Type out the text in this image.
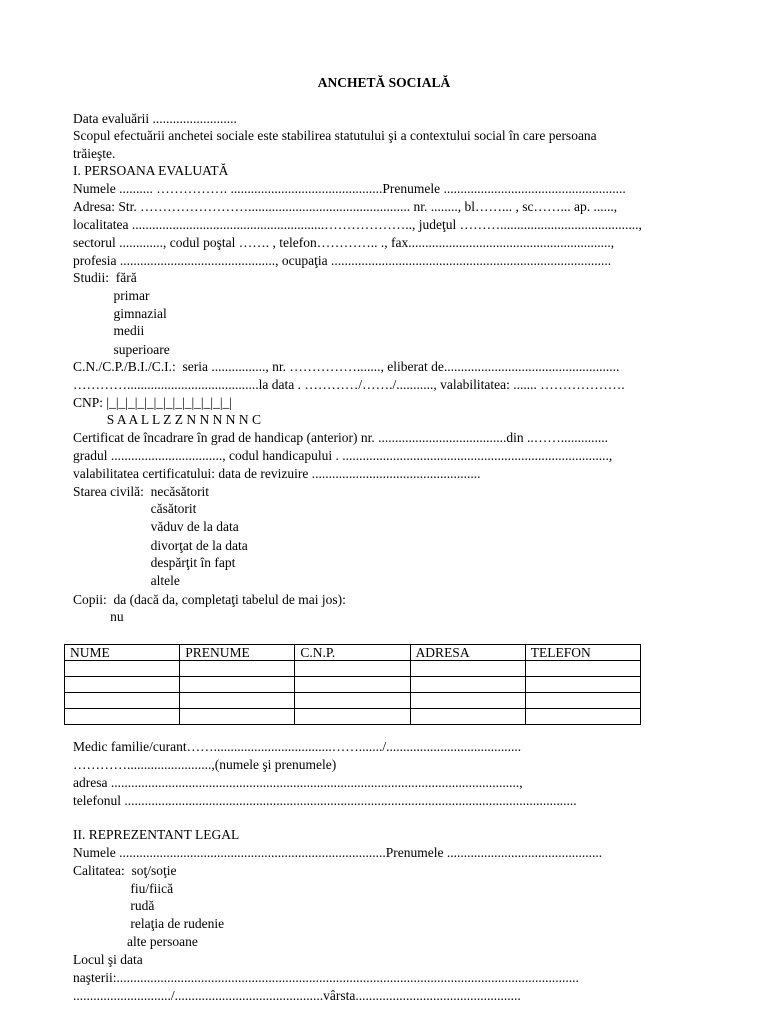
ANCHETĂ SOCIALĂ
Data evaluării .........................
Scopul efectuării anchetei sociale este stabilirea statutului şi a contextului social în care persoana
trăieşte.
I. PERSOANA EVALUATĂ
Numele .......... ……………. .............................................Prenumele ......................................................
Adresa: Str. ……………………................................................ nr. ........, bl……... , sc……... ap. ......,
localitatea .........................................................……………….., judeţul ……….........................................,
sectorul ............., codul poştal ……. , telefon………….. ., fax............................................................,
profesia .............................................., ocupaţia ...................................................................................
Studii:  fără
primar
gimnazial
medii
superioare
C.N./C.P./B.I./C.I.:  seria ................, nr. ……………......., eliberat de....................................................
………….......................................la data . …………/……./..........., valabilitatea: ....... ……………….
CNP: |_|_|_|_|_|_|_|_|_|_|_|_|_|
S A A L L Z Z N N N N N C
Certificat de încadrare în grad de handicap (anterior) nr. ......................................din ..……..............
gradul ................................., codul handicapului . ...............................................................................,
valabilitatea certificatului: data de revizuire ..................................................
Starea civilă:  necăsătorit
căsătorit
văduv de la data
divorţat de la data
despărţit în fapt
altele
Copii:  da (dacă da, completaţi tabelul de mai jos):
nu
NUME	PRENUME	C.N.P.	ADRESA	TELEFON

Medic familie/curant……...................................……......./........................................
………….........................,(numele şi prenumele)
adresa .........................................................................................................................,
telefonul ......................................................................................................................................
II. REPREZENTANT LEGAL
Numele ...............................................................................Prenumele ..............................................
Calitatea:  soţ/soţie
fiu/fiică
rudă
relaţia de rudenie
alte persoane
Locul şi data
naşterii:.........................................................................................................................................
............................./............................................vârsta.................................................
